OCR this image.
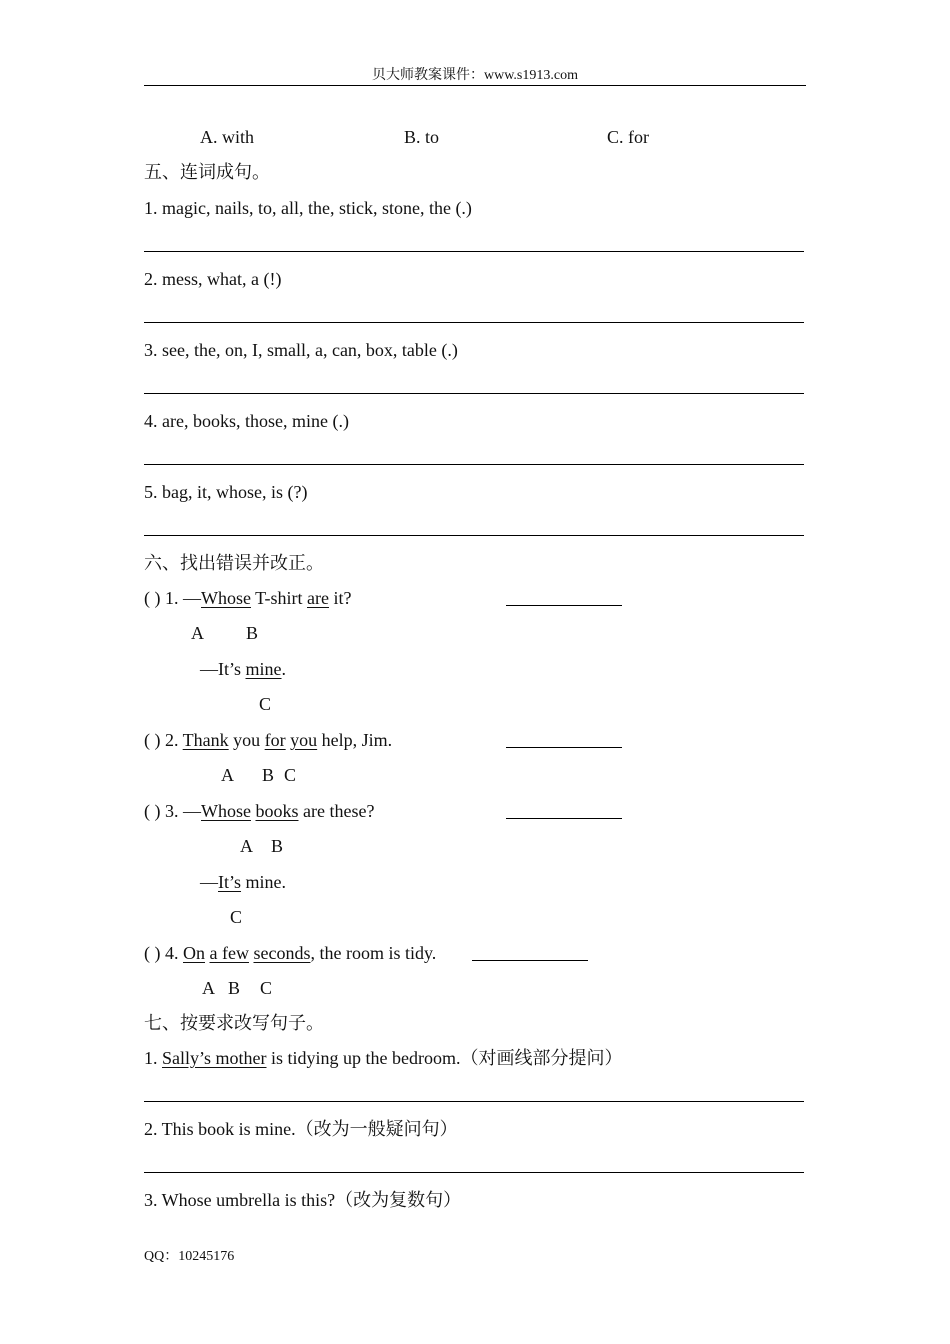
贝大师教案课件：www.s1913.com
A. with	B. to	C. for
五、连词成句。
1. magic, nails, to, all, the, stick, stone, the (.)
2. mess, what, a (!)
3. see, the, on, I, small, a, can, box, table (.)
4. are, books, those, mine (.)
5. bag, it, whose, is (?)
六、找出错误并改正。
( ) 1. —Whose T-shirt are it?
A B
—It’s mine.
C
( ) 2. Thank you for you help, Jim.
A B C
( ) 3. —Whose books are these?
A B
—It’s mine.
C
( ) 4. On a few seconds, the room is tidy.
A B C
七、按要求改写句子。
1. Sally’s mother is tidying up the bedroom.（对画线部分提问）
2. This book is mine.（改为一般疑问句）
3. Whose umbrella is this?（改为复数句）
QQ：10245176
